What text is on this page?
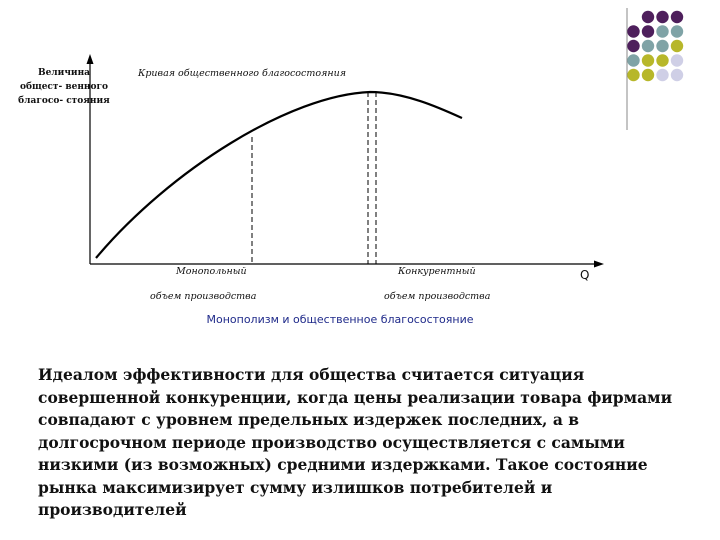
Величина общест- венного благосо- стояния
Кривая общественного благосостояния
Монопольный
объем производства
Конкурентный
объем производства
Q
Монополизм и общественное благосостояние
Идеалом эффективности для общества считается ситуация совершенной конкуренции, когда цены реализации товара фирмами совпадают с уровнем предельных издержек последних, а в долгосрочном периоде производство осуществляется с самыми низкими (из возможных) средними издержками. Такое состояние рынка максимизирует сумму излишков потребителей и производителей
